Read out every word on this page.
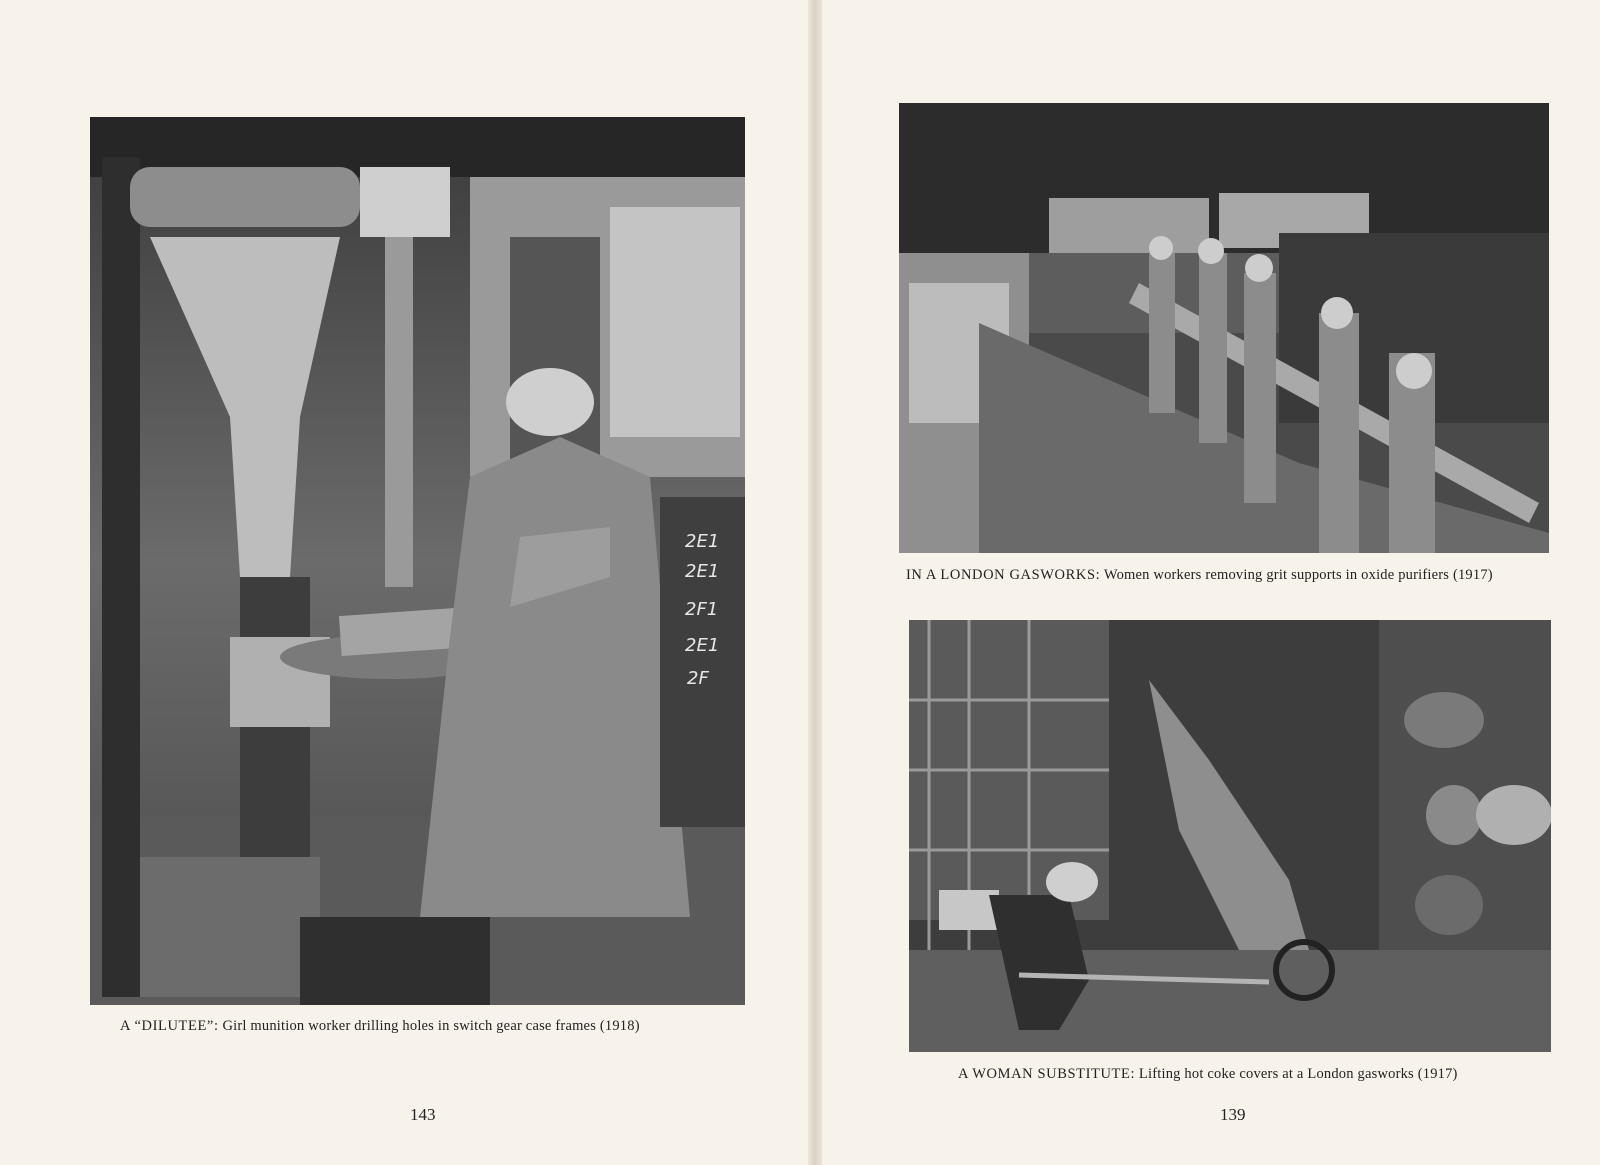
2E1
2E1
2F1
2E1
2F
A “DILUTEE”: Girl munition worker drilling holes in switch gear case frames (1918)
143
IN A LONDON GASWORKS: Women workers removing grit supports in oxide purifiers (1917)
A WOMAN SUBSTITUTE: Lifting hot coke covers at a London gasworks (1917)
139
